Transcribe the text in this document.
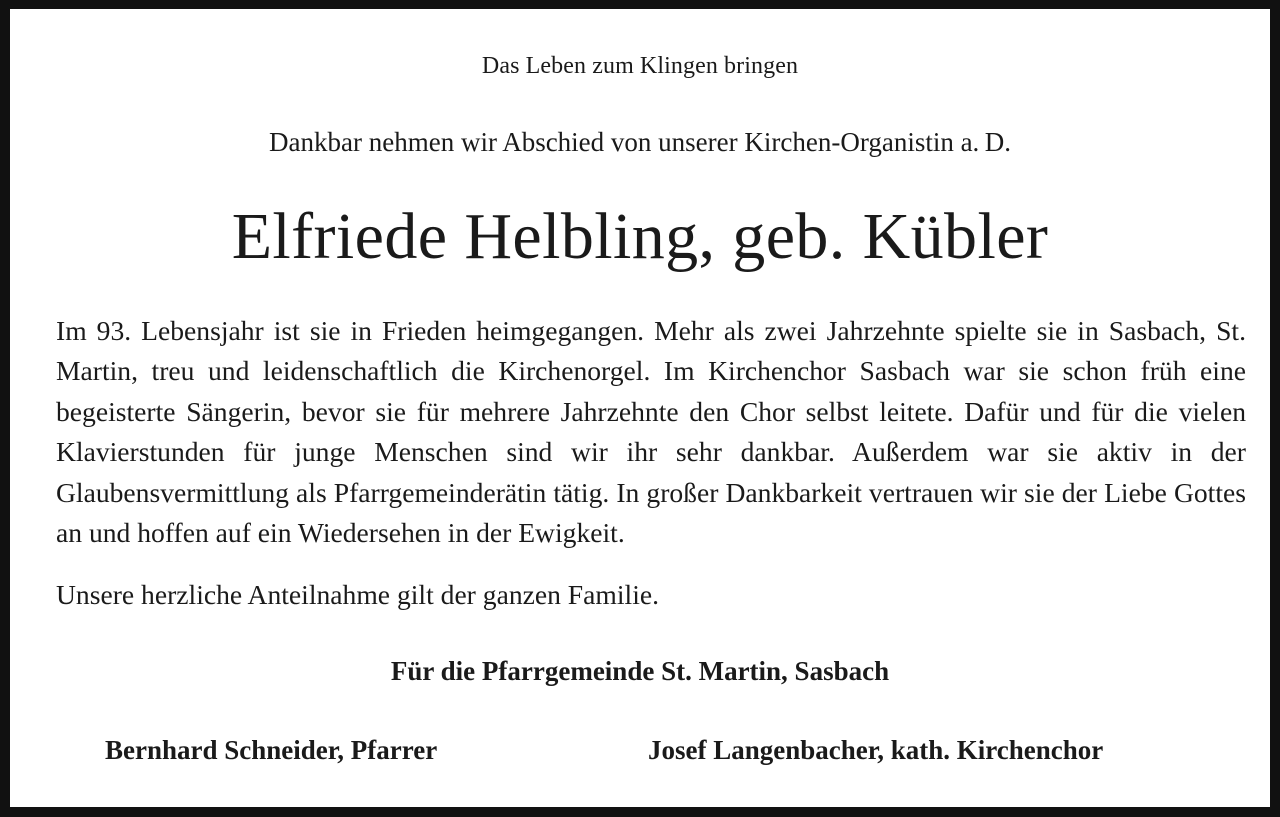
Das Leben zum Klingen bringen
Dankbar nehmen wir Abschied von unserer Kirchen-Organistin a. D.
Elfriede Helbling, geb. Kübler

Im 93. Lebensjahr ist sie in Frieden heimgegangen. Mehr als zwei Jahrzehnte spielte sie in Sasbach, St. Martin, treu und leidenschaftlich die Kirchenorgel. Im Kirchenchor Sasbach war sie schon früh eine begeisterte Sängerin, bevor sie für mehrere Jahrzehnte den Chor selbst leitete. Dafür und für die vielen Klavierstunden für junge Menschen sind wir ihr sehr dankbar. Außerdem war sie aktiv in der Glaubensvermittlung als Pfarrgemeinderätin tätig. In großer Dankbarkeit vertrauen wir sie der Liebe Gottes an und hoffen auf ein Wiedersehen in der Ewigkeit.

Unsere herzliche Anteilnahme gilt der ganzen Familie.

Für die Pfarrgemeinde St. Martin, Sasbach
Bernhard Schneider, Pfarrer	Josef Langenbacher, kath. Kirchenchor
